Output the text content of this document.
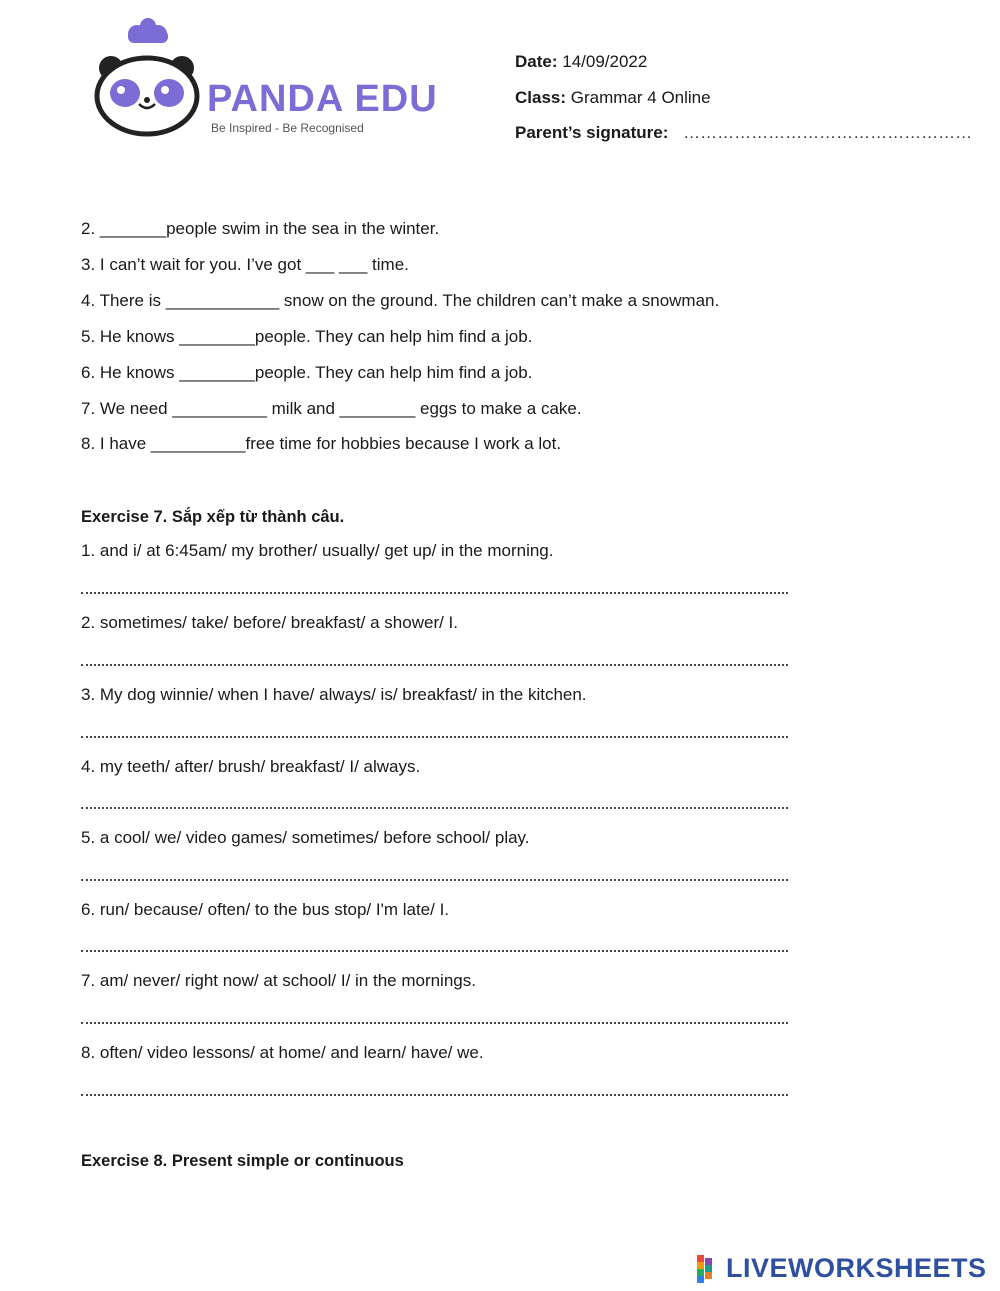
PANDA EDU
Be Inspired - Be Recognised
Date: 14/09/2022
Class: Grammar 4 Online
Parent’s signature: ……………………………………………
2. _______people swim in the sea in the winter.
3. I can’t wait for you. I’ve got ___ ___ time.
4. There is ____________ snow on the ground. The children can’t make a snowman.
5. He knows ________people. They can help him find a job.
6. He knows ________people. They can help him find a job.
7. We need __________ milk and ________ eggs to make a cake.
8. I have __________free time for hobbies because I work a lot.
Exercise 7. Sắp xếp từ thành câu.
1. and i/ at 6:45am/ my brother/ usually/ get up/ in the morning.
2. sometimes/ take/ before/ breakfast/ a shower/ I.
3. My dog winnie/ when I have/ always/ is/ breakfast/ in the kitchen.
4. my teeth/ after/ brush/ breakfast/ I/ always.
5. a cool/ we/ video games/ sometimes/ before school/ play.
6. run/ because/ often/ to the bus stop/ I'm late/ I.
7. am/ never/ right now/ at school/ I/ in the mornings.
8. often/ video lessons/ at home/ and learn/ have/ we.
Exercise 8. Present simple or continuous
LIVEWORKSHEETS
